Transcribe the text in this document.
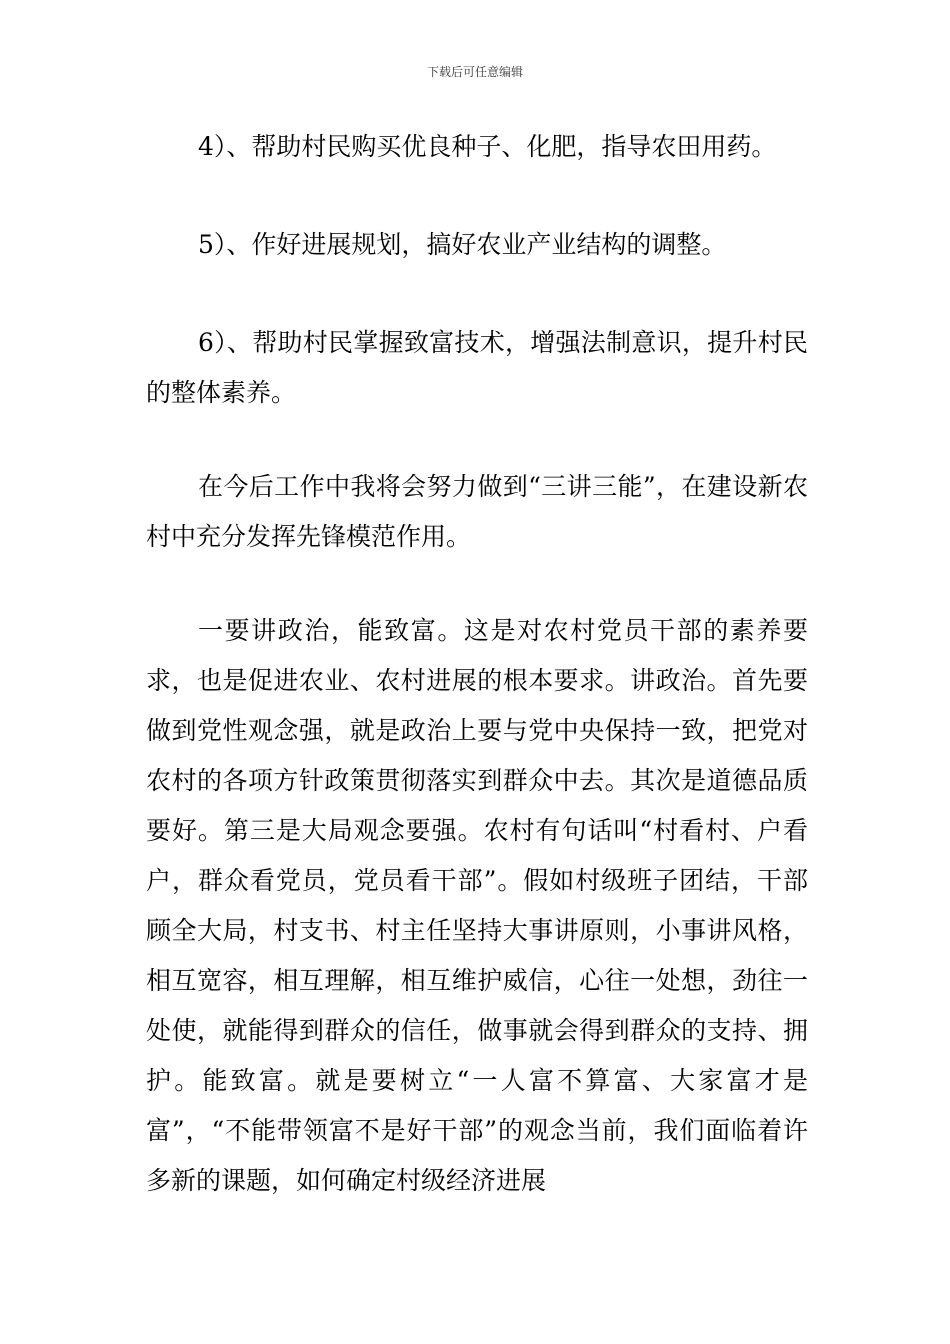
下载后可任意编辑

4）、帮助村民购买优良种子、化肥，指导农田用药。

5）、作好进展规划，搞好农业产业结构的调整。

6）、帮助村民掌握致富技术，增强法制意识，提升村民的整体素养。

在今后工作中我将会努力做到“三讲三能”，在建设新农村中充分发挥先锋模范作用。

一要讲政治，能致富。这是对农村党员干部的素养要求，也是促进农业、农村进展的根本要求。讲政治。首先要做到党性观念强，就是政治上要与党中央保持一致，把党对农村的各项方针政策贯彻落实到群众中去。其次是道德品质要好。第三是大局观念要强。农村有句话叫“村看村、户看户，群众看党员，党员看干部”。假如村级班子团结，干部顾全大局，村支书、村主任坚持大事讲原则，小事讲风格，相互宽容，相互理解，相互维护威信，心往一处想，劲往一处使，就能得到群众的信任，做事就会得到群众的支持、拥护。能致富。就是要树立“一人富不算富、大家富才是富”，“不能带领富不是好干部”的观念当前，我们面临着许多新的课题，如何确定村级经济进展
